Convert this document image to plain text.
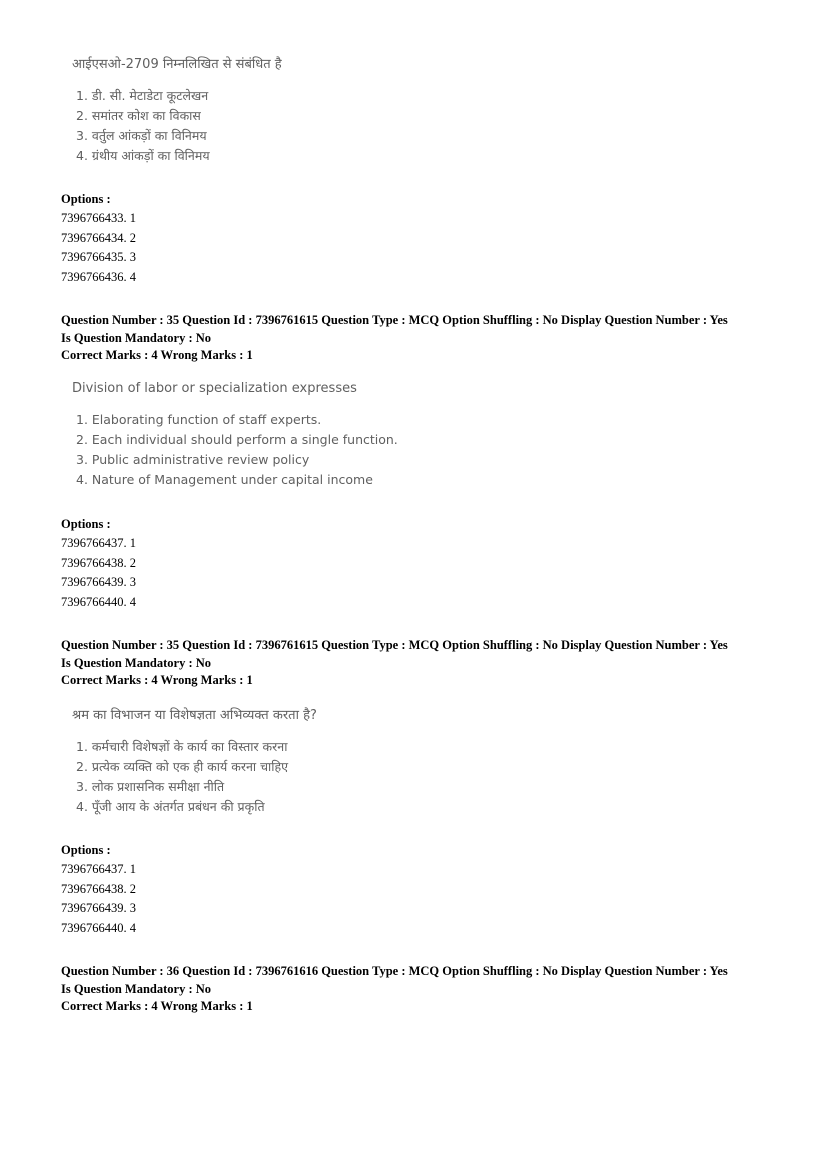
आईएसओ-2709 निम्नलिखित से संबंधित है
1. डी. सी. मेटाडेटा कूटलेखन
2. समांतर कोश का विकास
3. वर्तुल आंकड़ों का विनिमय
4. ग्रंथीय आंकड़ों का विनिमय
Options :
7396766433. 1
7396766434. 2
7396766435. 3
7396766436. 4
Question Number : 35 Question Id : 7396761615 Question Type : MCQ Option Shuffling : No Display Question Number : Yes
Is Question Mandatory : No
Correct Marks : 4 Wrong Marks : 1
Division of labor or specialization expresses
1. Elaborating function of staff experts.
2. Each individual should perform a single function.
3. Public administrative review policy
4. Nature of Management under capital income
Options :
7396766437. 1
7396766438. 2
7396766439. 3
7396766440. 4
Question Number : 35 Question Id : 7396761615 Question Type : MCQ Option Shuffling : No Display Question Number : Yes
Is Question Mandatory : No
Correct Marks : 4 Wrong Marks : 1
श्रम का विभाजन या विशेषज्ञता अभिव्यक्त करता है?
1. कर्मचारी विशेषज्ञों के कार्य का विस्तार करना
2. प्रत्येक व्यक्ति को एक ही कार्य करना चाहिए
3. लोक प्रशासनिक समीक्षा नीति
4. पूँजी आय के अंतर्गत प्रबंधन की प्रकृति
Options :
7396766437. 1
7396766438. 2
7396766439. 3
7396766440. 4
Question Number : 36 Question Id : 7396761616 Question Type : MCQ Option Shuffling : No Display Question Number : Yes
Is Question Mandatory : No
Correct Marks : 4 Wrong Marks : 1
